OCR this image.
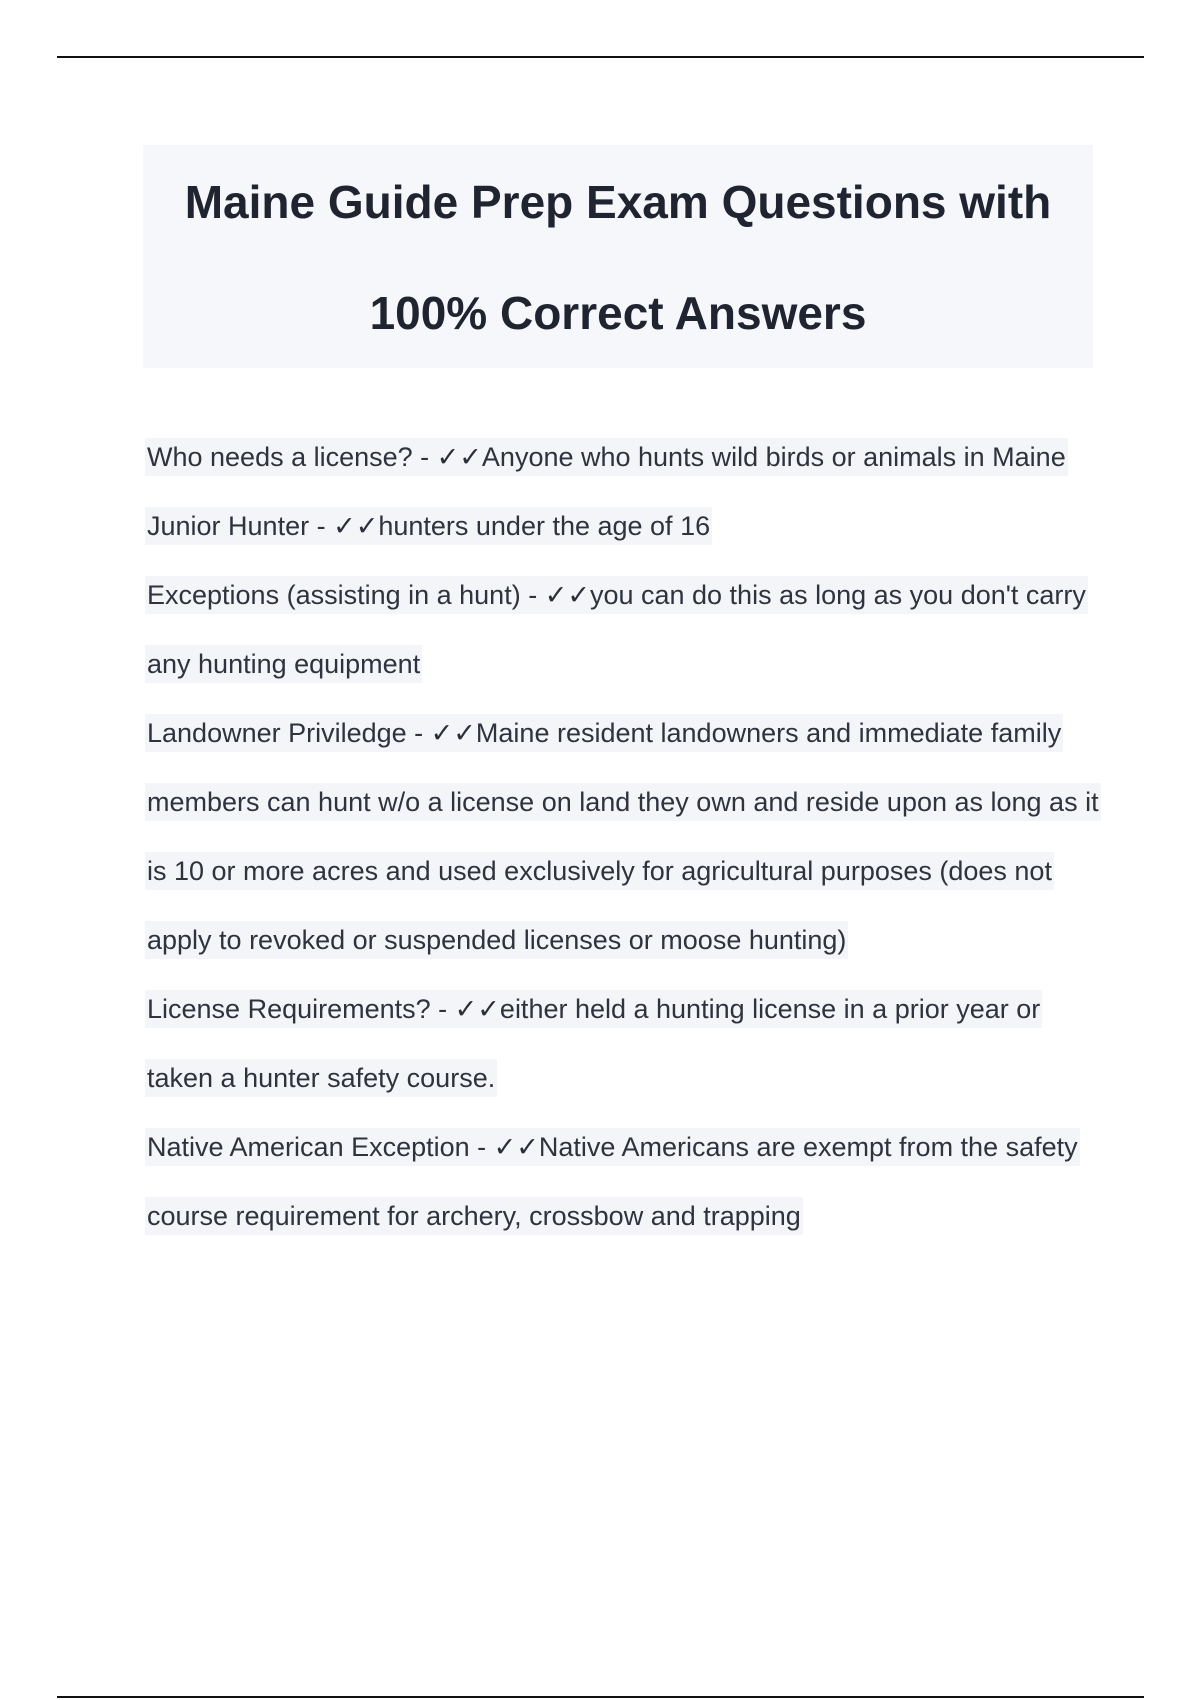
Maine Guide Prep Exam Questions with
100% Correct Answers

Who needs a license? - ✓✓Anyone who hunts wild birds or animals in Maine

Junior Hunter - ✓✓hunters under the age of 16

Exceptions (assisting in a hunt) - ✓✓you can do this as long as you don't carry any hunting equipment

Landowner Priviledge - ✓✓Maine resident landowners and immediate family members can hunt w/o a license on land they own and reside upon as long as it is 10 or more acres and used exclusively for agricultural purposes (does not apply to revoked or suspended licenses or moose hunting)

License Requirements? - ✓✓either held a hunting license in a prior year or taken a hunter safety course.

Native American Exception - ✓✓Native Americans are exempt from the safety course requirement for archery, crossbow and trapping
